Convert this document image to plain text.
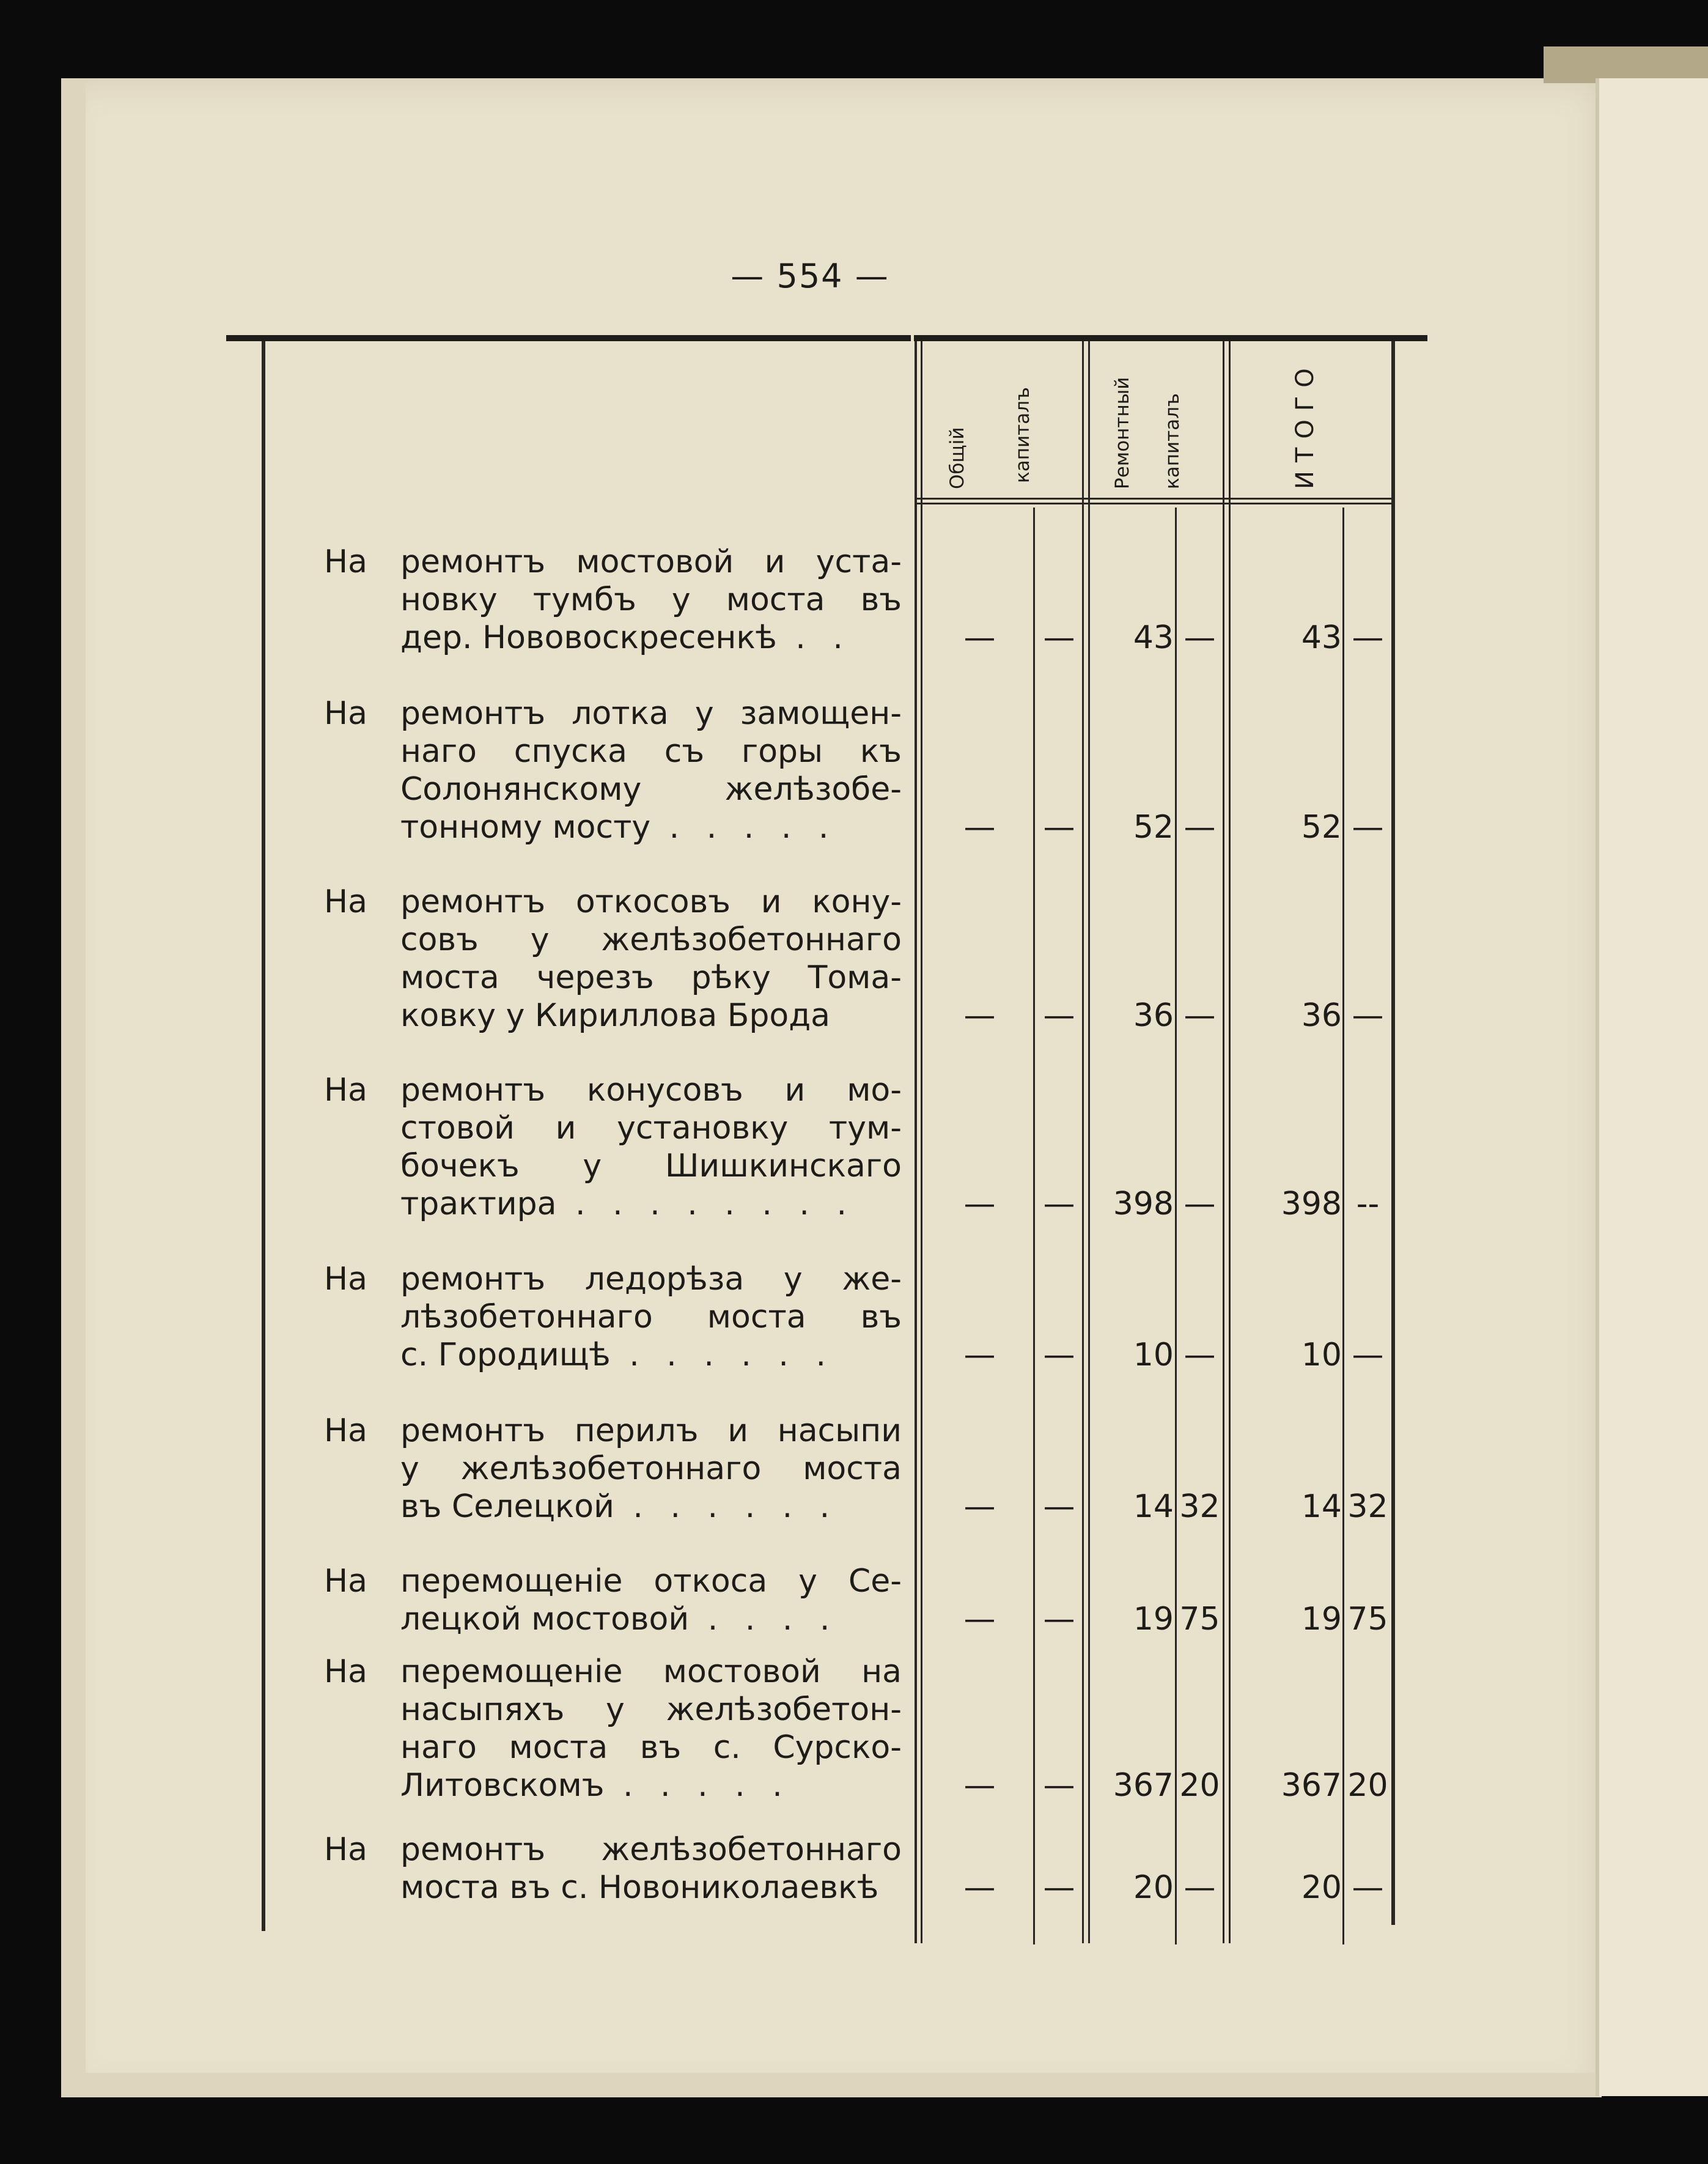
— 554 —
Общій капиталъ	Ремонтный капиталъ	ИТОГО
На ремонтъ мостовой и уста-
новку тумбъ у моста въ
дер. Нововоскресенкѣ . .	—	—	43 —	43 —
На ремонтъ лотка у замощен-
наго спуска съ горы къ
Солонянскому желѣзобе-
тонному мосту . . . . .	—	—	52 —	52 —
На ремонтъ откосовъ и кону-
совъ у желѣзобетоннаго
моста черезъ рѣку Тома-
ковку у Кириллова Брода	—	—	36 —	36 —
На ремонтъ конусовъ и мо-
стовой и установку тум-
бочекъ у Шишкинскаго
трактира . . . . . . . .	—	—	398 —	398 --
На ремонтъ ледорѣза у же-
лѣзобетоннаго моста въ
с. Городищѣ . . . . . .	—	—	10 —	10 —
На ремонтъ перилъ и насыпи
у желѣзобетоннаго моста
въ Селецкой . . . . . .	—	—	14 32	14 32
На перемощеніе откоса у Се-
лецкой мостовой . . . .	—	—	19 75	19 75
На перемощеніе мостовой на
насыпяхъ у желѣзобетон-
наго моста въ с. Сурско-
Литовскомъ . . . . .	—	—	367 20	367 20
На ремонтъ желѣзобетоннаго
моста въ с. Новониколаевкѣ	—	—	20 —	20 —
